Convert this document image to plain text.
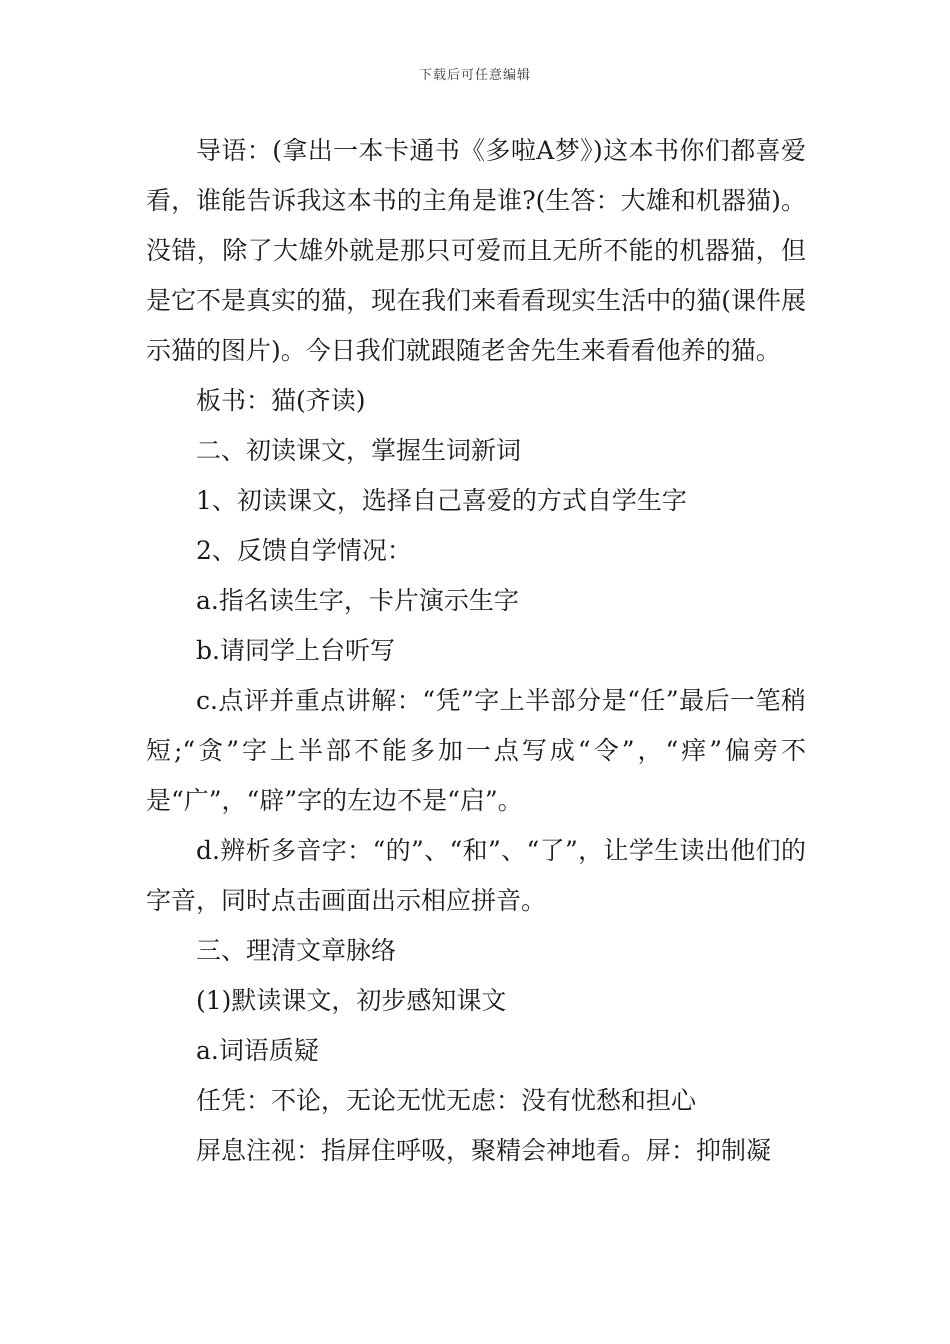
下载后可任意编辑

导语：(拿出一本卡通书《多啦A梦》)这本书你们都喜爱看，谁能告诉我这本书的主角是谁?(生答：大雄和机器猫)。没错，除了大雄外就是那只可爱而且无所不能的机器猫，但是它不是真实的猫，现在我们来看看现实生活中的猫(课件展示猫的图片)。今日我们就跟随老舍先生来看看他养的猫。

板书：猫(齐读)

二、初读课文，掌握生词新词

1、初读课文，选择自己喜爱的方式自学生字

2、反馈自学情况：

a.指名读生字，卡片演示生字

b.请同学上台听写

c.点评并重点讲解：“凭”字上半部分是“任”最后一笔稍短;“贪”字上半部不能多加一点写成“令”，“痒”偏旁不是“广”，“辟”字的左边不是“启”。

d.辨析多音字：“的”、“和”、“了”，让学生读出他们的字音，同时点击画面出示相应拼音。

三、理清文章脉络

(1)默读课文，初步感知课文

a.词语质疑

任凭：不论，无论无忧无虑：没有忧愁和担心

屏息注视：指屏住呼吸，聚精会神地看。屏：抑制凝
